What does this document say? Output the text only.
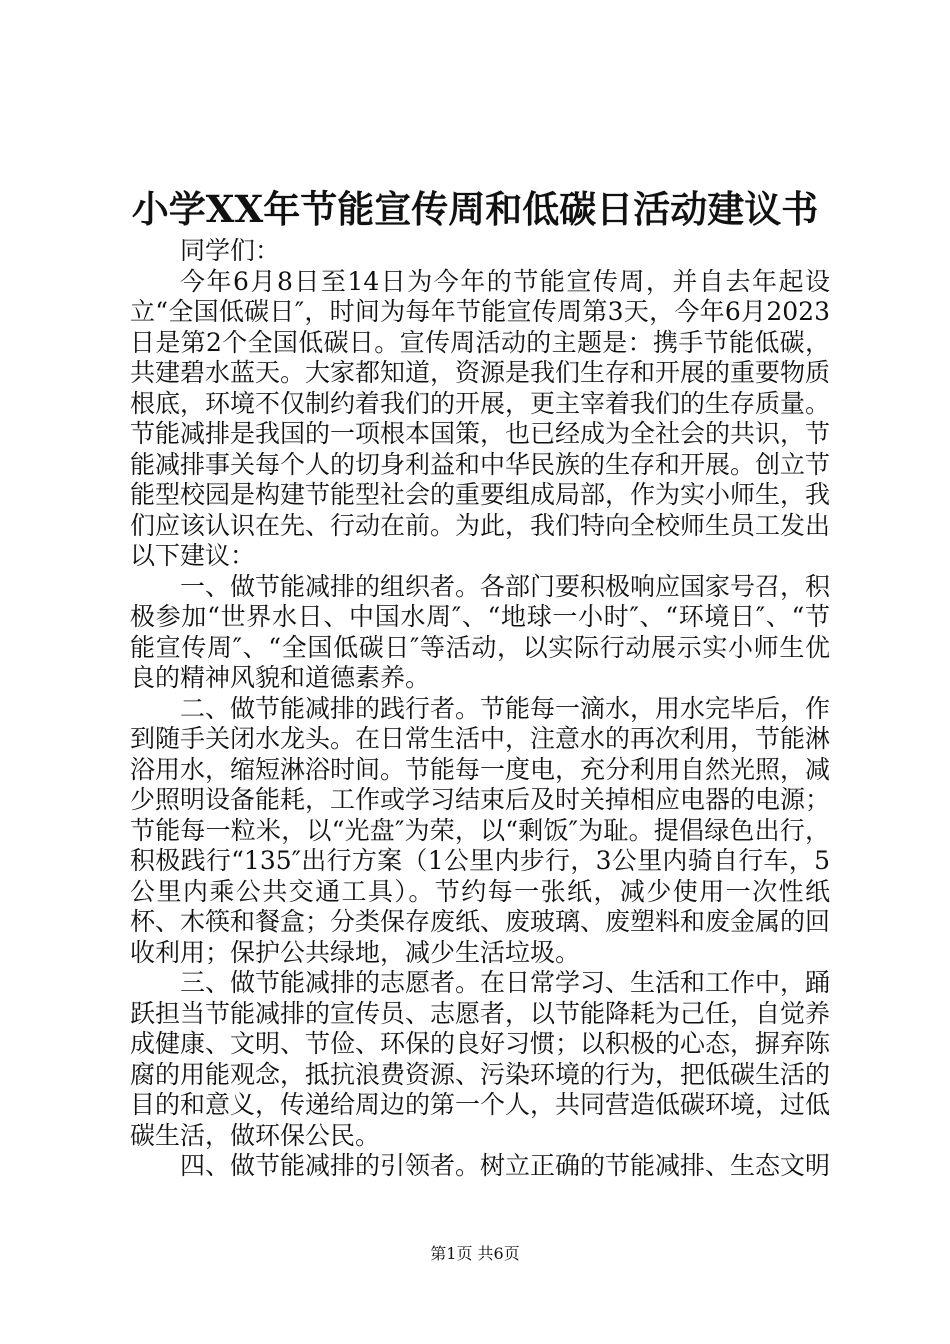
小学XX年节能宣传周和低碳日活动建议书

同学们：

今年6月8日至14日为今年的节能宣传周，并自去年起设立“全国低碳日″，时间为每年节能宣传周第3天，今年6月2023日是第2个全国低碳日。宣传周活动的主题是：携手节能低碳，共建碧水蓝天。大家都知道，资源是我们生存和开展的重要物质根底，环境不仅制约着我们的开展，更主宰着我们的生存质量。节能减排是我国的一项根本国策，也已经成为全社会的共识，节能减排事关每个人的切身利益和中华民族的生存和开展。创立节能型校园是构建节能型社会的重要组成局部，作为实小师生，我们应该认识在先、行动在前。为此，我们特向全校师生员工发出以下建议：

一、做节能减排的组织者。各部门要积极响应国家号召，积极参加“世界水日、中国水周″、“地球一小时″、“环境日″、“节能宣传周″、“全国低碳日″等活动，以实际行动展示实小师生优良的精神风貌和道德素养。

二、做节能减排的践行者。节能每一滴水，用水完毕后，作到随手关闭水龙头。在日常生活中，注意水的再次利用，节能淋浴用水，缩短淋浴时间。节能每一度电，充分利用自然光照，减少照明设备能耗，工作或学习结束后及时关掉相应电器的电源；节能每一粒米，以“光盘″为荣，以“剩饭″为耻。提倡绿色出行，积极践行“135″出行方案（1公里内步行，3公里内骑自行车，5公里内乘公共交通工具）。节约每一张纸，减少使用一次性纸杯、木筷和餐盒；分类保存废纸、废玻璃、废塑料和废金属的回收利用；保护公共绿地，减少生活垃圾。

三、做节能减排的志愿者。在日常学习、生活和工作中，踊跃担当节能减排的宣传员、志愿者，以节能降耗为己任，自觉养成健康、文明、节俭、环保的良好习惯；以积极的心态，摒弃陈腐的用能观念，抵抗浪费资源、污染环境的行为，把低碳生活的目的和意义，传递给周边的第一个人，共同营造低碳环境，过低碳生活，做环保公民。

四、做节能减排的引领者。树立正确的节能减排、生态文明

第1页 共6页
